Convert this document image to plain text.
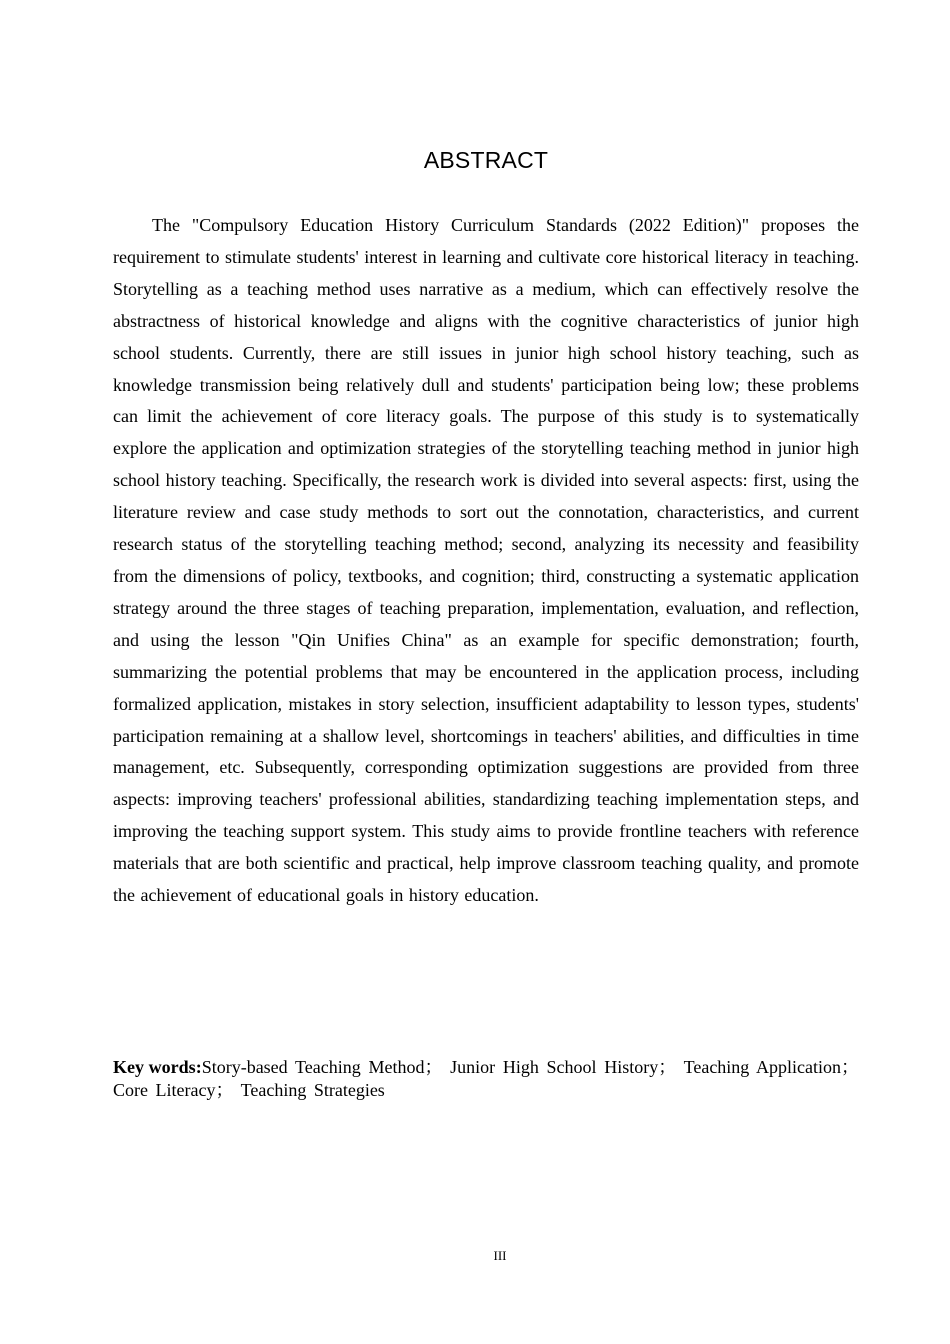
ABSTRACT

The "Compulsory Education History Curriculum Standards (2022 Edition)" proposes the requirement to stimulate students' interest in learning and cultivate core historical literacy in teaching. Storytelling as a teaching method uses narrative as a medium, which can effectively resolve the abstractness of historical knowledge and aligns with the cognitive characteristics of junior high school students. Currently, there are still issues in junior high school history teaching, such as knowledge transmission being relatively dull and students' participation being low; these problems can limit the achievement of core literacy goals. The purpose of this study is to systematically explore the application and optimization strategies of the storytelling teaching method in junior high school history teaching. Specifically, the research work is divided into several aspects: first, using the literature review and case study methods to sort out the connotation, characteristics, and current research status of the storytelling teaching method; second, analyzing its necessity and feasibility from the dimensions of policy, textbooks, and cognition; third, constructing a systematic application strategy around the three stages of teaching preparation, implementation, evaluation, and reflection, and using the lesson "Qin Unifies China" as an example for specific demonstration; fourth, summarizing the potential problems that may be encountered in the application process, including formalized application, mistakes in story selection, insufficient adaptability to lesson types, students' participation remaining at a shallow level, shortcomings in teachers' abilities, and difficulties in time management, etc. Subsequently, corresponding optimization suggestions are provided from three aspects: improving teachers' professional abilities, standardizing teaching implementation steps, and improving the teaching support system. This study aims to provide frontline teachers with reference materials that are both scientific and practical, help improve classroom teaching quality, and promote the achievement of educational goals in history education.

Key words:Story-based Teaching Method； Junior High School History； Teaching Application； Core Literacy； Teaching Strategies

III
